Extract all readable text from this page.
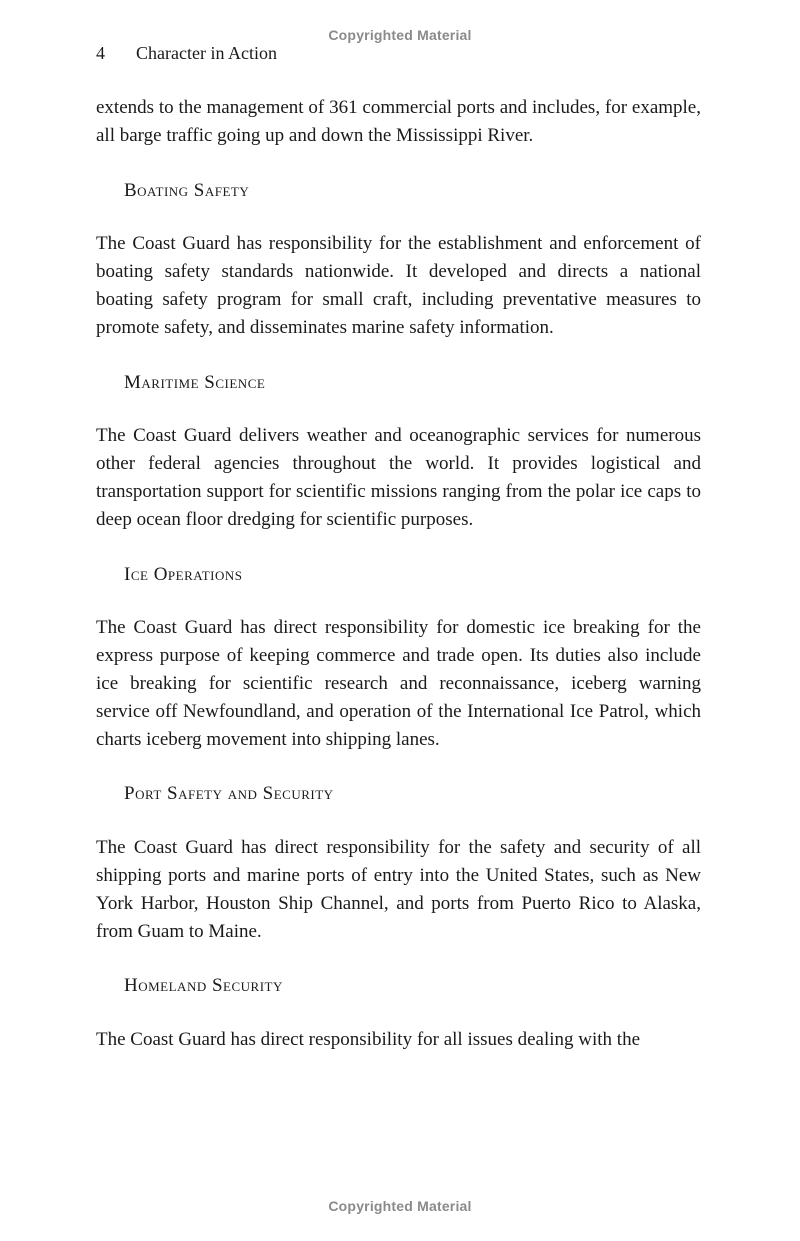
Copyrighted Material
4 Character in Action

extends to the management of 361 commercial ports and includes, for example, all barge traffic going up and down the Mississippi River.

Boating Safety

The Coast Guard has responsibility for the establishment and enforcement of boating safety standards nationwide. It developed and directs a national boating safety program for small craft, including preventative measures to promote safety, and disseminates marine safety information.

Maritime Science

The Coast Guard delivers weather and oceanographic services for numerous other federal agencies throughout the world. It provides logistical and transportation support for scientific missions ranging from the polar ice caps to deep ocean floor dredging for scientific purposes.

Ice Operations

The Coast Guard has direct responsibility for domestic ice breaking for the express purpose of keeping commerce and trade open. Its duties also include ice breaking for scientific research and reconnaissance, iceberg warning service off Newfoundland, and operation of the International Ice Patrol, which charts iceberg movement into shipping lanes.

Port Safety and Security

The Coast Guard has direct responsibility for the safety and security of all shipping ports and marine ports of entry into the United States, such as New York Harbor, Houston Ship Channel, and ports from Puerto Rico to Alaska, from Guam to Maine.

Homeland Security

The Coast Guard has direct responsibility for all issues dealing with the

Copyrighted Material
